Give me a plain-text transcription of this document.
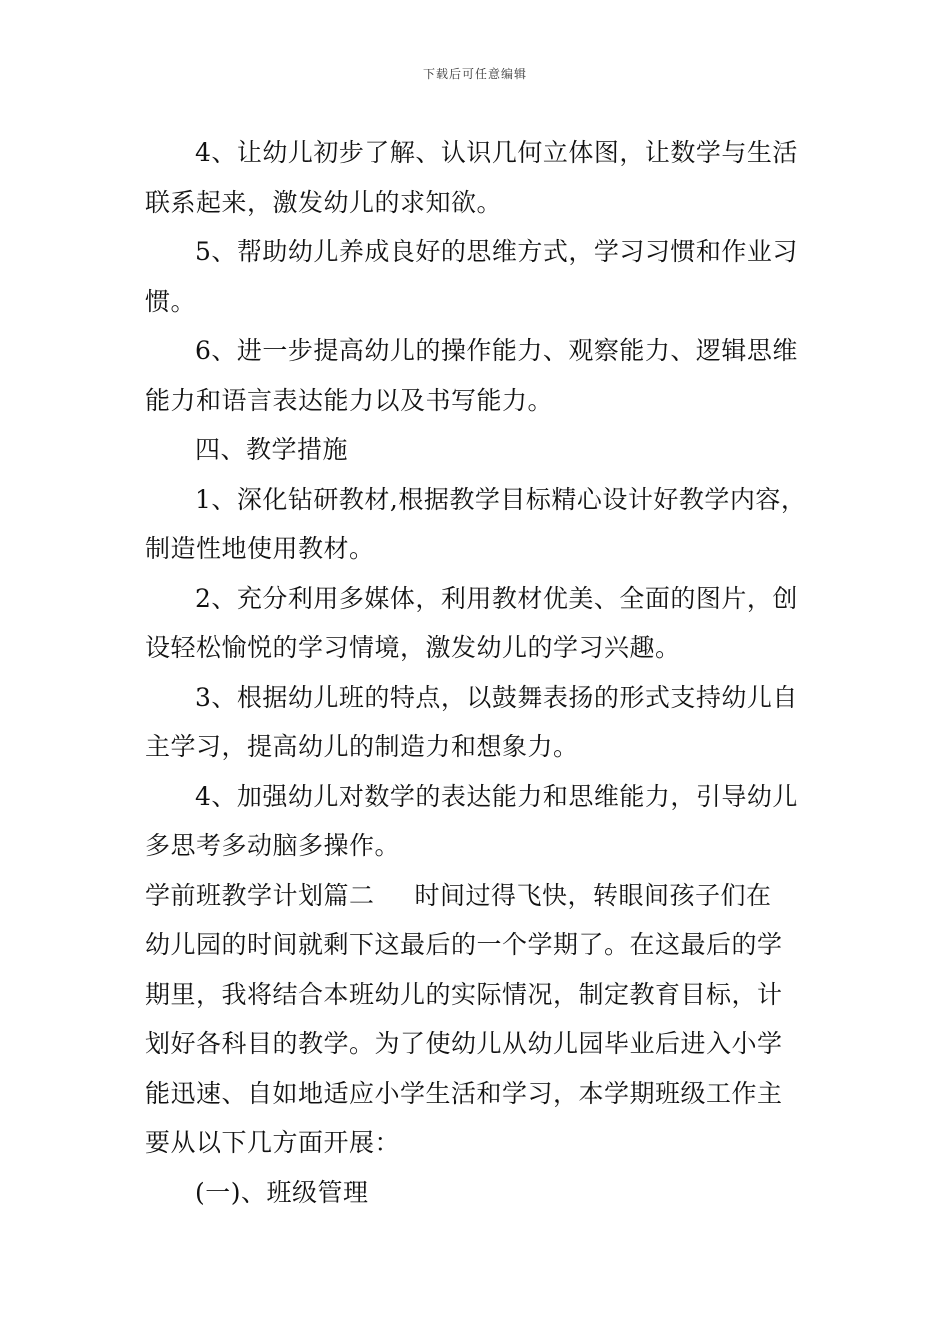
下载后可任意编辑
4、让幼儿初步了解、认识几何立体图，让数学与生活
联系起来，激发幼儿的求知欲。
5、帮助幼儿养成良好的思维方式，学习习惯和作业习
惯。
6、进一步提高幼儿的操作能力、观察能力、逻辑思维
能力和语言表达能力以及书写能力。
四、教学措施
1、深化钻研教材,根据教学目标精心设计好教学内容，
制造性地使用教材。
2、充分利用多媒体，利用教材优美、全面的图片，创
设轻松愉悦的学习情境，激发幼儿的学习兴趣。
3、根据幼儿班的特点，以鼓舞表扬的形式支持幼儿自
主学习，提高幼儿的制造力和想象力。
4、加强幼儿对数学的表达能力和思维能力，引导幼儿
多思考多动脑多操作。
学前班教学计划篇二 时间过得飞快，转眼间孩子们在
幼儿园的时间就剩下这最后的一个学期了。在这最后的学
期里，我将结合本班幼儿的实际情况，制定教育目标，计
划好各科目的教学。为了使幼儿从幼儿园毕业后进入小学
能迅速、自如地适应小学生活和学习，本学期班级工作主
要从以下几方面开展：
(一)、班级管理
